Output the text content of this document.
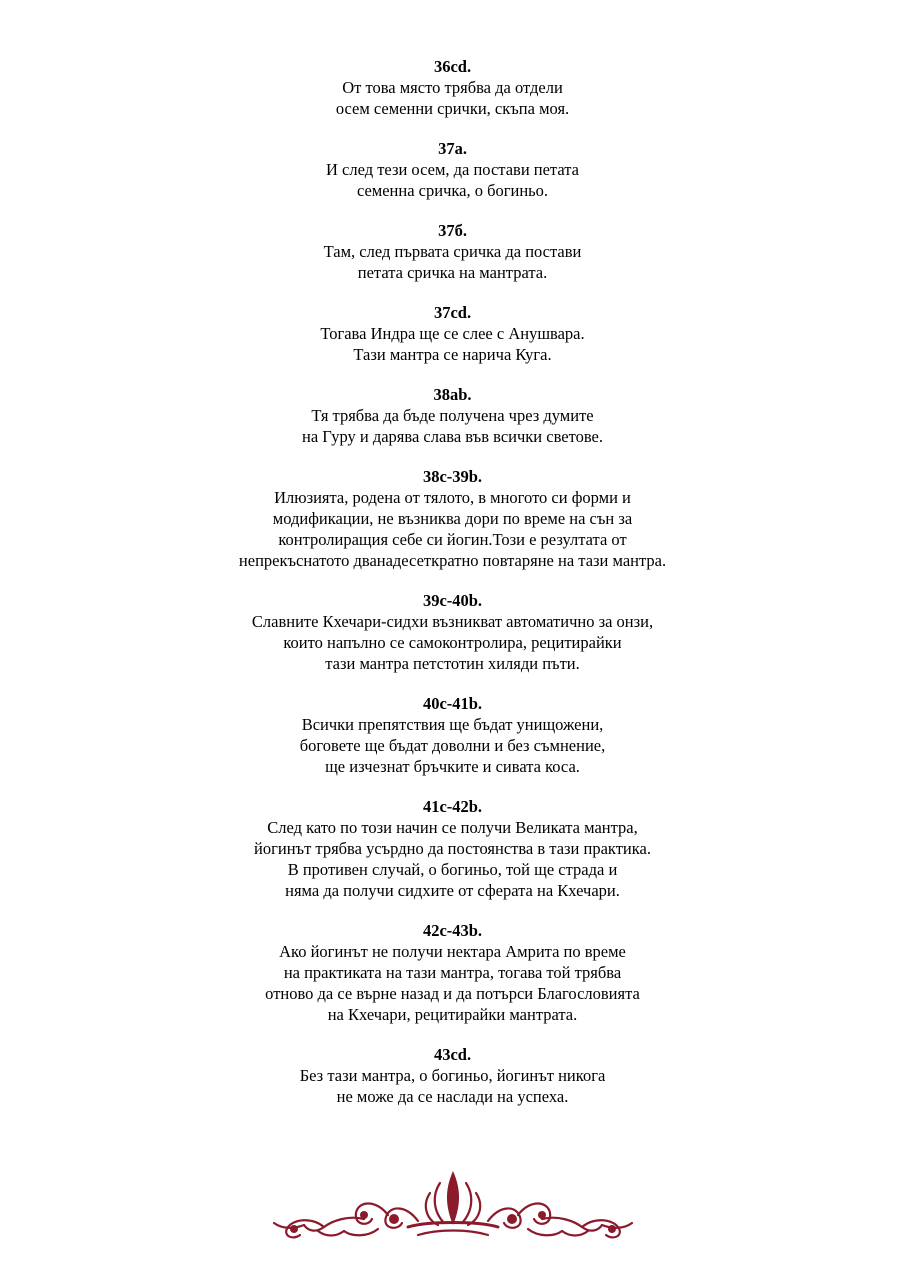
36cd.
От това място трябва да отдели
осем семенни срички, скъпа моя.
37a.
И след тези осем, да постави петата
семенна сричка, о богиньо.
37б.
Там, след първата сричка да постави
петата сричка на мантрата.
37cd.
Тогава Индра ще се слее с Анушвара.
Тази мантра се нарича Куга.
38ab.
Тя трябва да бъде получена чрез думите
на Гуру и дарява слава във всички светове.
38c-39b.
Илюзията, родена от тялото, в многото си форми и
модификации, не възниква дори по време на сън за
контролиращия себе си йогин.Този е резултата от
непрекъснатото дванадесеткратно повтаряне на тази мантра.
39c-40b.
Славните Кхечари-сидхи възникват автоматично за онзи,
които напълно се самоконтролира, рецитирайки
тази мантра петстотин хиляди пъти.
40c-41b.
Всички препятствия ще бъдат унищожени,
боговете ще бъдат доволни и без съмнение,
ще изчезнат бръчките и сивата коса.
41c-42b.
След като по този начин се получи Великата мантра,
йогинът трябва усърдно да постоянства в тази практика.
В противен случай, о богиньо, той ще страда и
няма да получи сидхите от сферата на Кхечари.
42c-43b.
Ако йогинът не получи нектара Амрита по време
на практиката на тази мантра, тогава той трябва
отново да се върне назад и да потърси Благословията
на Кхечари, рецитирайки мантрата.
43cd.
Без тази мантра, о богиньо, йогинът никога
не може да се наслади на успеха.
